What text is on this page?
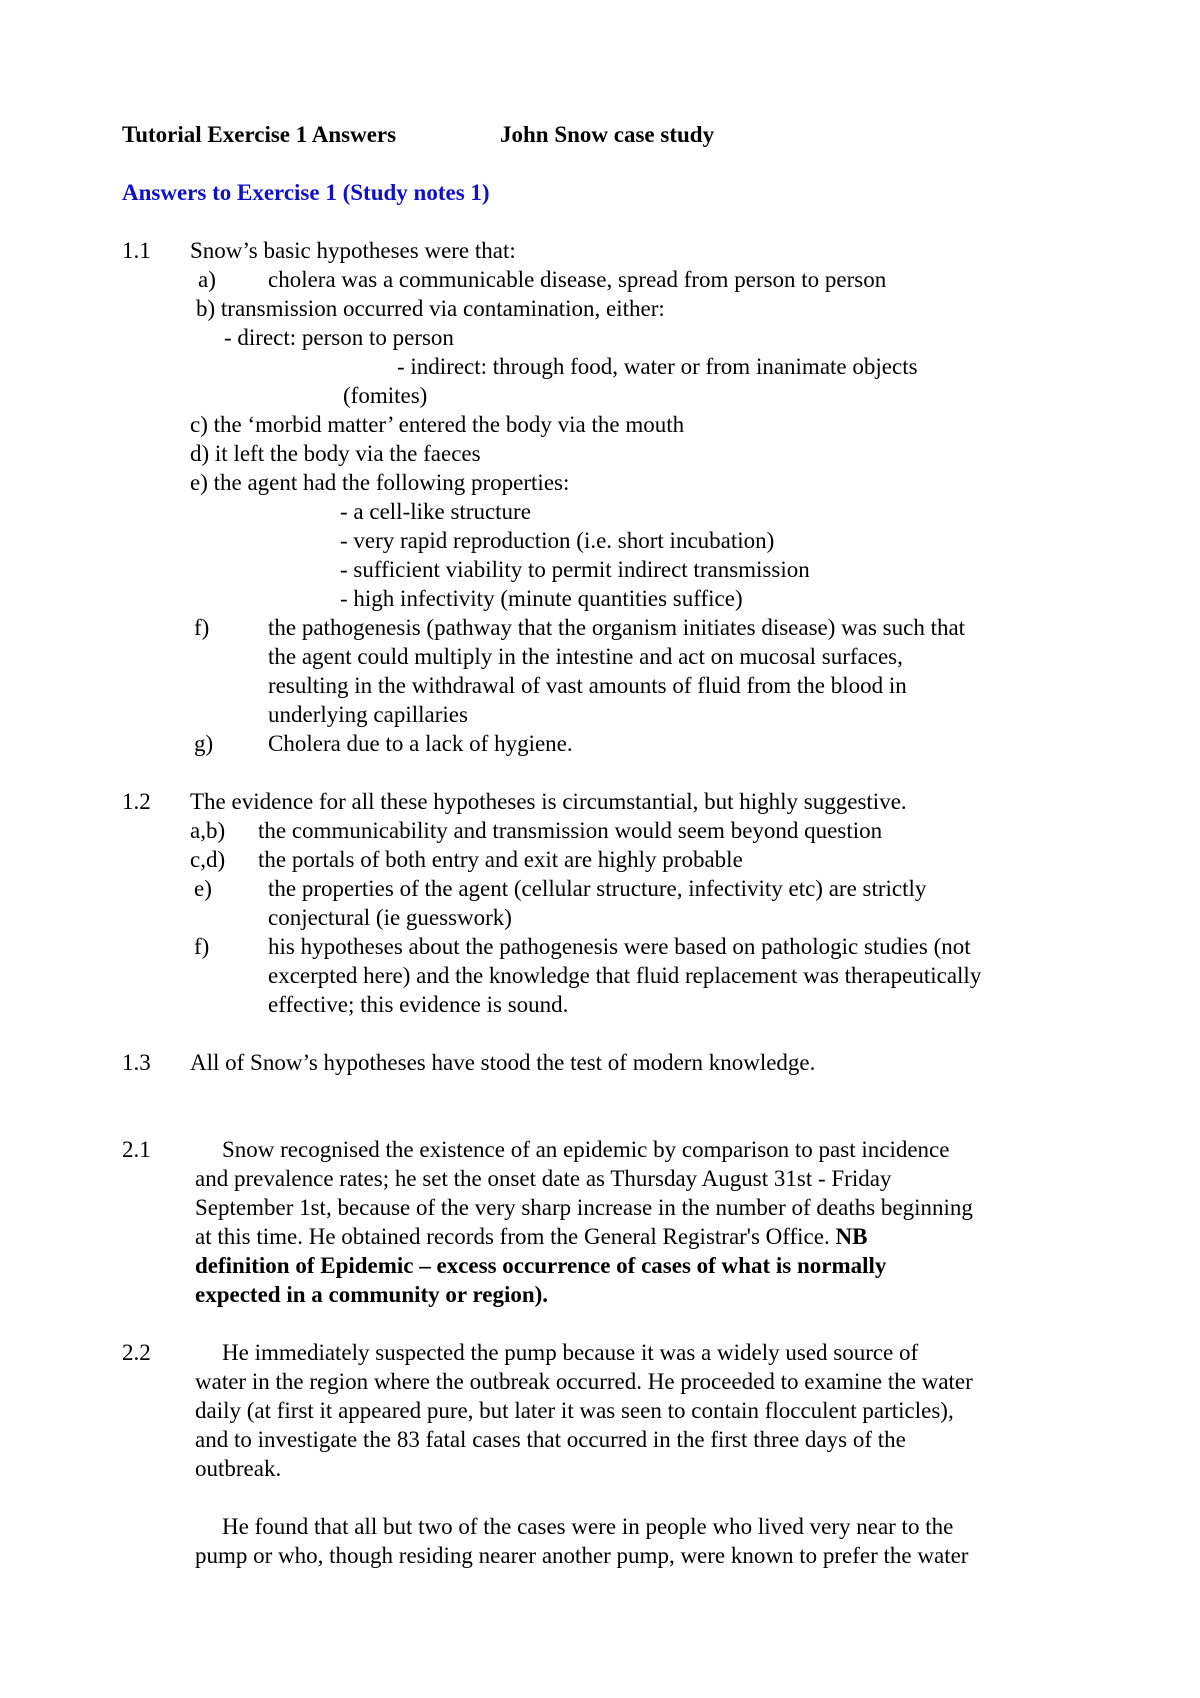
Tutorial Exercise 1 Answers	John Snow case study
Answers to Exercise 1 (Study notes 1)
1.1 Snow’s basic hypotheses were that:
a) cholera was a communicable disease, spread from person to person
b) transmission occurred via contamination, either:
- direct: person to person
- indirect: through food, water or from inanimate objects
(fomites)
c) the ‘morbid matter’ entered the body via the mouth
d) it left the body via the faeces
e) the agent had the following properties:
- a cell-like structure
- very rapid reproduction (i.e. short incubation)
- sufficient viability to permit indirect transmission
- high infectivity (minute quantities suffice)
f)	the pathogenesis (pathway that the organism initiates disease) was such that
the agent could multiply in the intestine and act on mucosal surfaces,
resulting in the withdrawal of vast amounts of fluid from the blood in
underlying capillaries
g) Cholera due to a lack of hygiene.
1.2 The evidence for all these hypotheses is circumstantial, but highly suggestive.
a,b) the communicability and transmission would seem beyond question
c,d) the portals of both entry and exit are highly probable
e) the properties of the agent (cellular structure, infectivity etc) are strictly
conjectural (ie guesswork)
f)	his hypotheses about the pathogenesis were based on pathologic studies (not
excerpted here) and the knowledge that fluid replacement was therapeutically
effective; this evidence is sound.
1.3 All of Snow’s hypotheses have stood the test of modern knowledge.
2.1	Snow recognised the existence of an epidemic by comparison to past incidence
and prevalence rates; he set the onset date as Thursday August 31st - Friday
September 1st, because of the very sharp increase in the number of deaths beginning
at this time. He obtained records from the General Registrar's Office. NB
definition of Epidemic – excess occurrence of cases of what is normally
expected in a community or region).
2.2	He immediately suspected the pump because it was a widely used source of
water in the region where the outbreak occurred. He proceeded to examine the water
daily (at first it appeared pure, but later it was seen to contain flocculent particles),
and to investigate the 83 fatal cases that occurred in the first three days of the
outbreak.
He found that all but two of the cases were in people who lived very near to the
pump or who, though residing nearer another pump, were known to prefer the water
